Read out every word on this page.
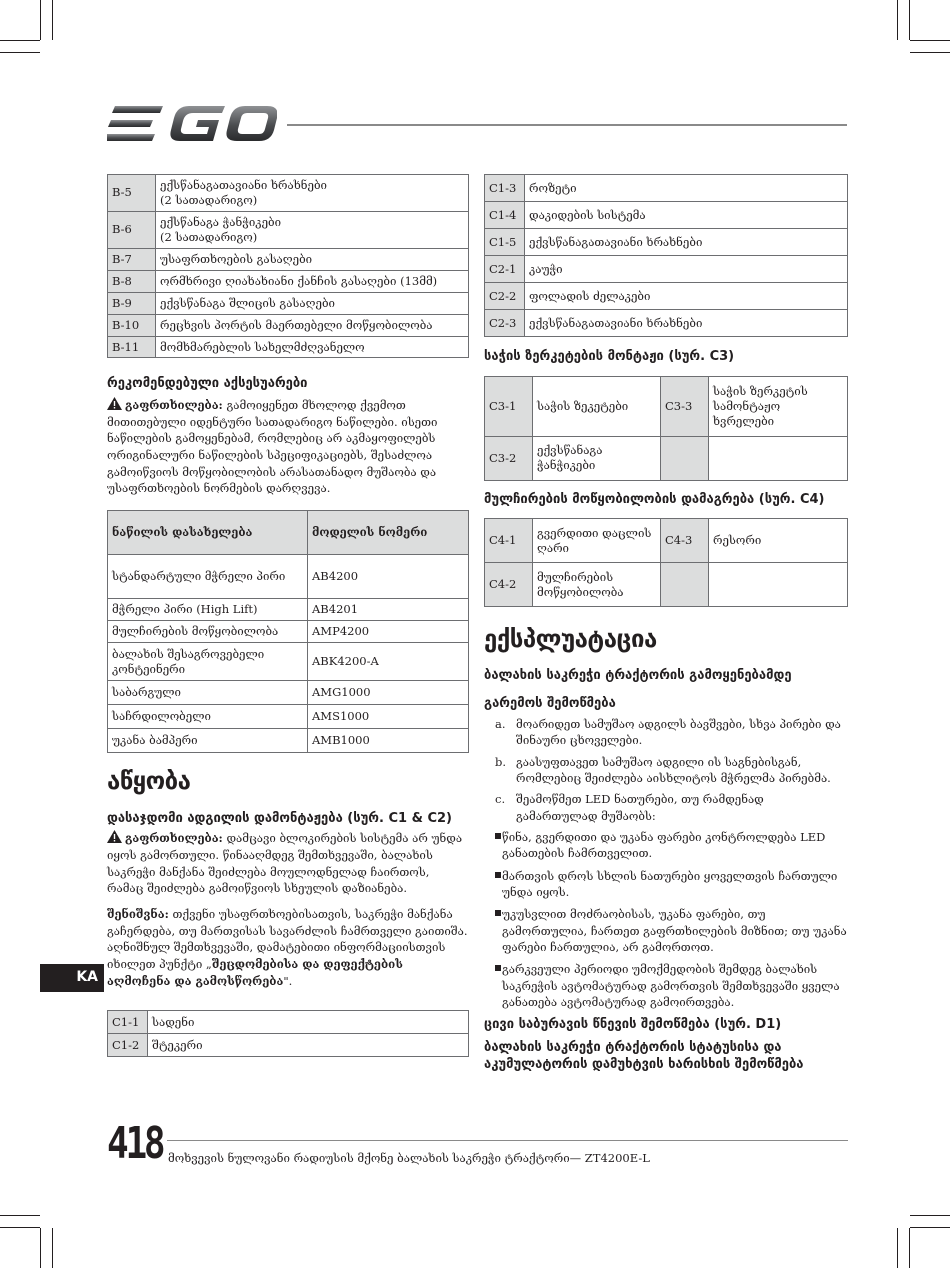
B-5	ექსწანაგათავიანი ხრახნები
(2 სათადარიგო)
B-6	ექსწანაგა ჭანჭიკები
(2 სათადარიგო)
B-7	უსაფრთხოების გასაღები
B-8	ორმხრივი ღიახახიანი ქანჩის გასაღები (13მმ)
B-9	ექვსწანაგა შლიცის გასაღები
B-10	რეცხვის პორტის მაერთებელი მოწყობილობა
B-11	მომხმარებლის სახელმძღვანელო
რეკომენდებული აქსესუარები
გაფრთხილება: გამოიყენეთ მხოლოდ ქვემოთ მითითებული იდენტური სათადარიგო ნაწილები. ისეთი ნაწილების გამოყენებამ, რომლებიც არ აკმაყოფილებს ორიგინალური ნაწილების სპეციფიკაციებს, შესაძლოა გამოიწვიოს მოწყობილობის არასათანადო მუშაობა და უსაფრთხოების ნორმების დარღვევა.
ნაწილის დასახელება	მოდელის ნომერი
სტანდარტული მჭრელი პირი	AB4200
მჭრელი პირი (High Lift)	AB4201
მულჩირების მოწყობილობა	AMP4200
ბალახის შესაგროვებელი კონტეინერი	ABK4200-A
საბარგული	AMG1000
საჩრდილობელი	AMS1000
უკანა ბამპერი	AMB1000
აწყობა
დასაჯდომი ადგილის დამონტაჟება (სურ. C1 & C2)
გაფრთხილება: დამცავი ბლოკირების სისტემა არ უნდა იყოს გამორთული. წინააღმდეგ შემთხვევაში, ბალახის საკრეჭი მანქანა შეიძლება მოულოდნელად ჩაირთოს, რამაც შეიძლება გამოიწვიოს სხეულის დაზიანება.
შენიშვნა: თქვენი უსაფრთხოებისათვის, საკრეჭი მანქანა გაჩერდება, თუ მართვისას სავარძლის ჩამრთველი გაითიშა. აღნიშნულ შემთხვევაში, დამატებითი ინფორმაციისთვის იხილეთ პუნქტი „შეცდომებისა და დეფექტების აღმოჩენა და გამოსწორება".
C1-1	სადენი
C1-2	შტეკერი
KA
C1-3	როზეტი
C1-4	დაკიდების სისტემა
C1-5	ექვსწანაგათავიანი ხრახნები
C2-1	კაუჭი
C2-2	ფოლადის ძელაკები
C2-3	ექვსწანაგათავიანი ხრახნები
საჭის ზერკეტების მონტაჟი (სურ. C3)
C3-1	საჭის ზეკეტები	C3-3	საჭის ზერკეტის სამონტაჟო ხვრელები
C3-2	ექვსწანაგა ჭანჭიკები		
მულჩირების მოწყობილობის დამაგრება (სურ. C4)
C4-1	გვერდითი დაცლის ღარი	C4-3	რესორი
C4-2	მულჩირების მოწყობილობა		
ექსპლუატაცია
ბალახის საკრეჭი ტრაქტორის გამოყენებამდე
გარემოს შემოწმება
a. მოარიდეთ სამუშაო ადგილს ბავშვები, სხვა პირები და შინაური ცხოველები.
b. გაასუფთავეთ სამუშაო ადგილი ის საგნებისგან, რომლებიც შეიძლება აისხლიტოს მჭრელმა პირებმა.
c. შეამოწმეთ LED ნათურები, თუ რამდენად გამართულად მუშაობს:
წინა, გვერდითი და უკანა ფარები კონტროლდება LED განათების ჩამრთველით.
მართვის დროს სხლის ნათურები ყოველთვის ჩართული უნდა იყოს.
უკუსვლით მოძრაობისას, უკანა ფარები, თუ გამორთულია, ჩართეთ გაფრთხილების მიზნით; თუ უკანა ფარები ჩართულია, არ გამორთოთ.
გარკვეული პერიოდი უმოქმედობის შემდეგ ბალახის საკრეჭის ავტომატურად გამორთვის შემთხვევაში ყველა განათება ავტომატურად გამოირთვება.
ცივი საბურავის წნევის შემოწმება (სურ. D1)
ბალახის საკრეჭი ტრაქტორის სტატუსისა და აკუმულატორის დამუხტვის ხარისხის შემოწმება
418 მოხვევის ნულოვანი რადიუსის მქონე ბალახის საკრეჭი ტრაქტორი— ZT4200E-L
